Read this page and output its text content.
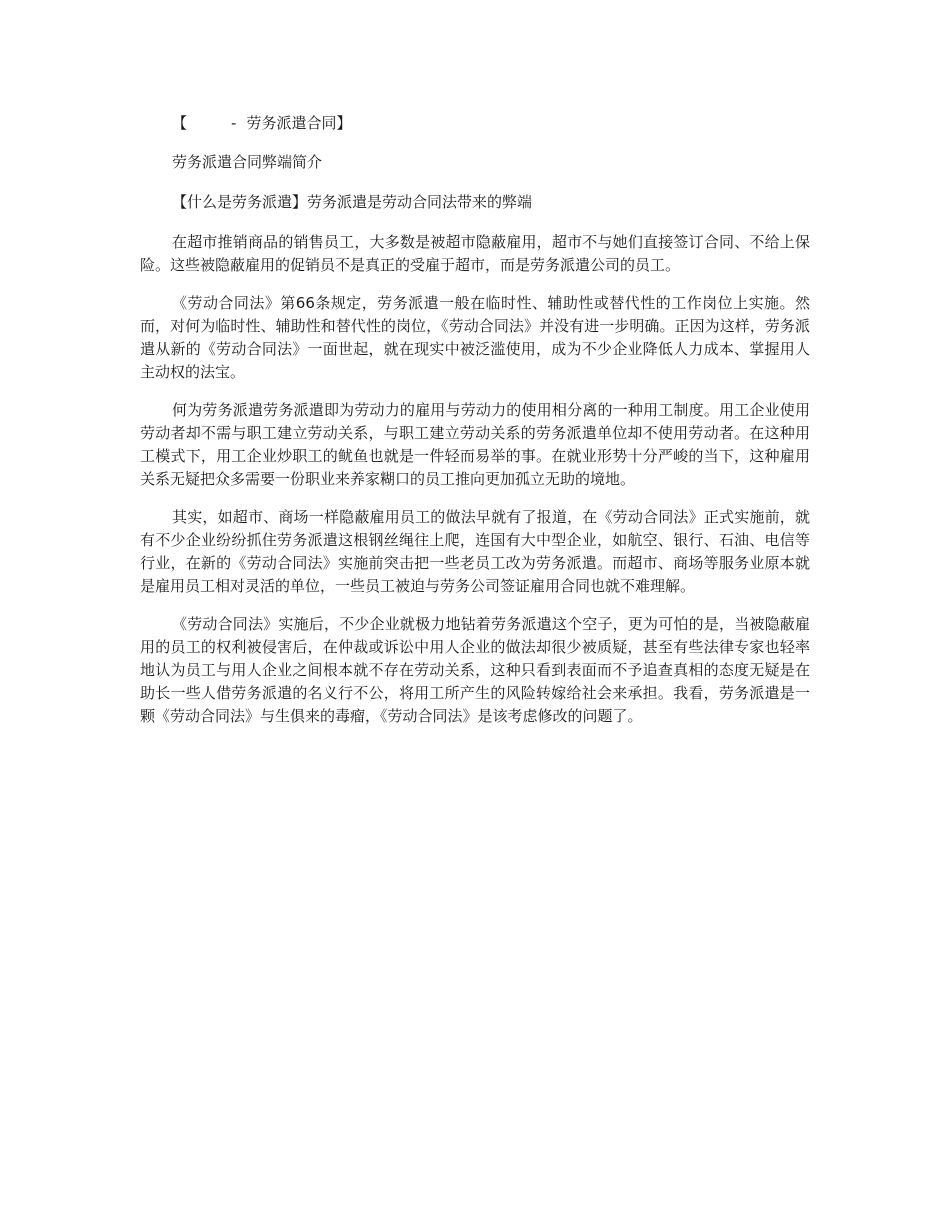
【	- 劳务派遣合同】
劳务派遣合同弊端简介
【什么是劳务派遣】劳务派遣是劳动合同法带来的弊端

在超市推销商品的销售员工，大多数是被超市隐蔽雇用，超市不与她们直接签订合同、不给上保险。这些被隐蔽雇用的促销员不是真正的受雇于超市，而是劳务派遣公司的员工。

《劳动合同法》第66条规定，劳务派遣一般在临时性、辅助性或替代性的工作岗位上实施。然而，对何为临时性、辅助性和替代性的岗位，《劳动合同法》并没有进一步明确。正因为这样，劳务派遣从新的《劳动合同法》一面世起，就在现实中被泛滥使用，成为不少企业降低人力成本、掌握用人主动权的法宝。

何为劳务派遣劳务派遣即为劳动力的雇用与劳动力的使用相分离的一种用工制度。用工企业使用劳动者却不需与职工建立劳动关系，与职工建立劳动关系的劳务派遣单位却不使用劳动者。在这种用工模式下，用工企业炒职工的鱿鱼也就是一件轻而易举的事。在就业形势十分严峻的当下，这种雇用关系无疑把众多需要一份职业来养家糊口的员工推向更加孤立无助的境地。

其实，如超市、商场一样隐蔽雇用员工的做法早就有了报道，在《劳动合同法》正式实施前，就有不少企业纷纷抓住劳务派遣这根钢丝绳往上爬，连国有大中型企业，如航空、银行、石油、电信等行业，在新的《劳动合同法》实施前突击把一些老员工改为劳务派遣。而超市、商场等服务业原本就是雇用员工相对灵活的单位，一些员工被迫与劳务公司签证雇用合同也就不难理解。

《劳动合同法》实施后，不少企业就极力地钻着劳务派遣这个空子，更为可怕的是，当被隐蔽雇用的员工的权利被侵害后，在仲裁或诉讼中用人企业的做法却很少被质疑，甚至有些法律专家也轻率地认为员工与用人企业之间根本就不存在劳动关系，这种只看到表面而不予追查真相的态度无疑是在助长一些人借劳务派遣的名义行不公，将用工所产生的风险转嫁给社会来承担。我看，劳务派遣是一颗《劳动合同法》与生俱来的毒瘤，《劳动合同法》是该考虑修改的问题了。
